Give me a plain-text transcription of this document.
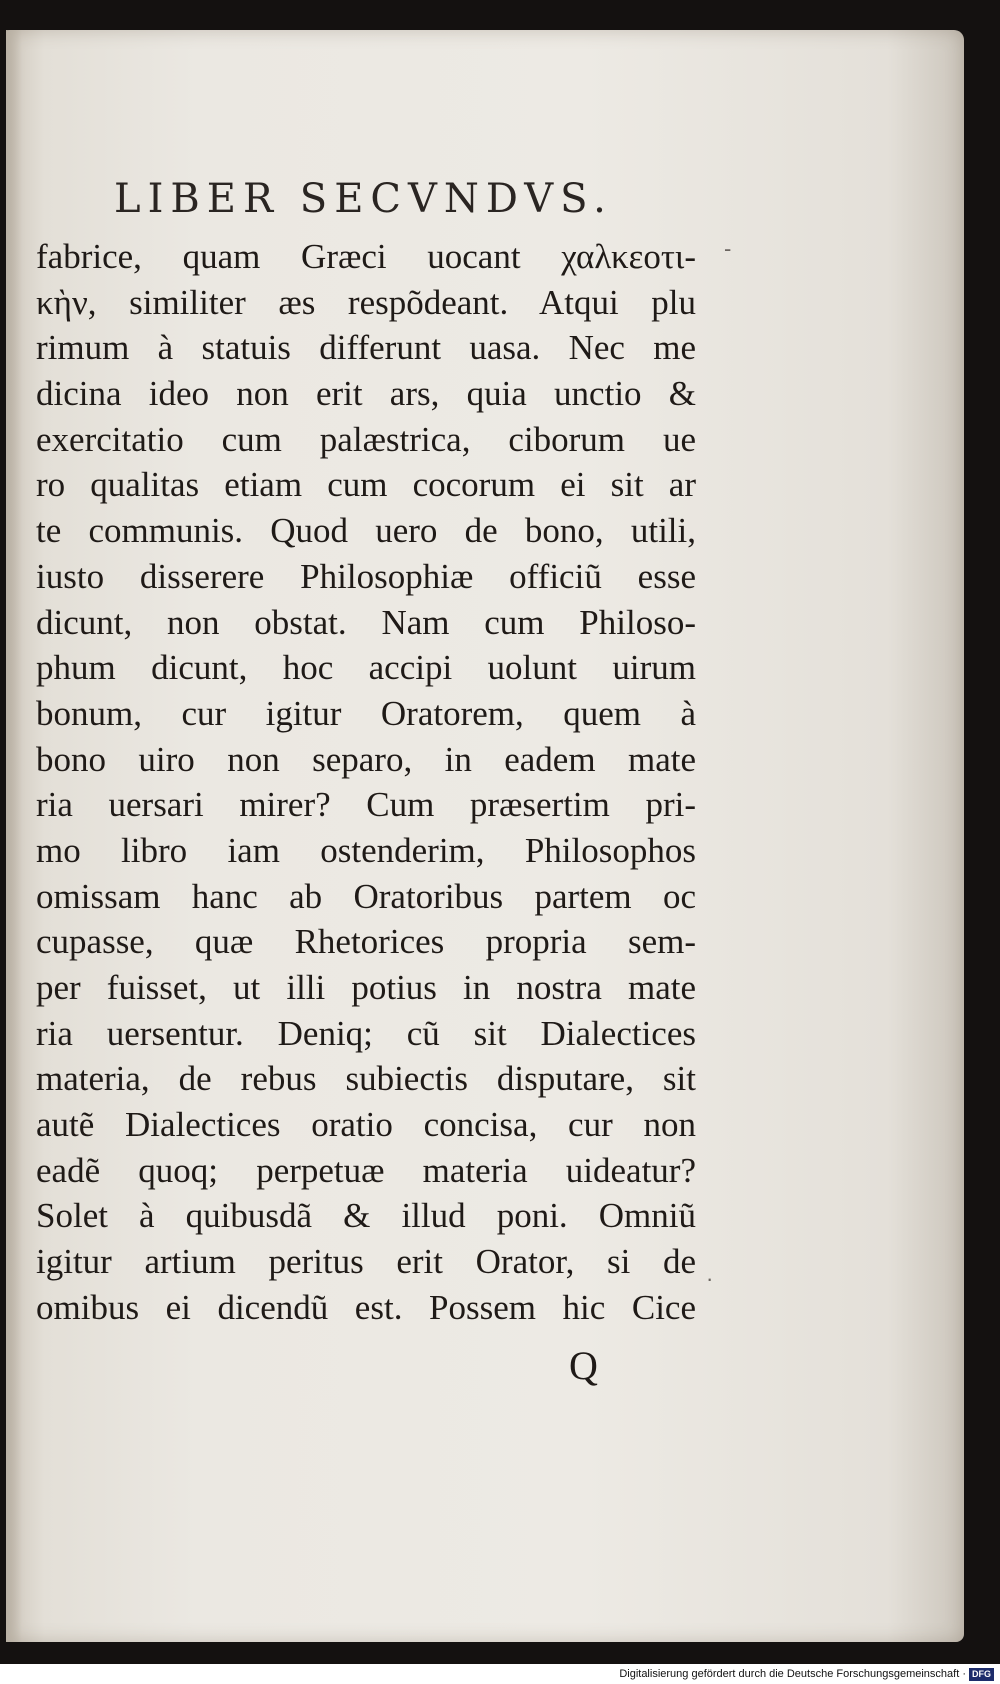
LIBER SECVNDVS.
fabrice, quam Græci uocant χαλκεοτι-
κὴν, similiter æs respõdeant. Atqui plu
rimum à statuis differunt uasa. Nec me
dicina ideo non erit ars, quia unctio &
exercitatio cum palæstrica, ciborum ue
ro qualitas etiam cum cocorum ei sit ar
te communis. Quod uero de bono, utili,
iusto disserere Philosophiæ officiũ esse
dicunt, non obstat. Nam cum Philoso-
phum dicunt, hoc accipi uolunt uirum
bonum, cur igitur Oratorem, quem à
bono uiro non separo, in eadem mate
ria uersari mirer? Cum præsertim pri-
mo libro iam ostenderim, Philosophos
omissam hanc ab Oratoribus partem oc
cupasse, quæ Rhetorices propria sem-
per fuisset, ut illi potius in nostra mate
ria uersentur. Deniq; cũ sit Dialectices
materia, de rebus subiectis disputare, sit
autẽ Dialectices oratio concisa, cur non
eadẽ quoq; perpetuæ materia uideatur?
Solet à quibusdã & illud poni. Omniũ
igitur artium peritus erit Orator, si de
omibus ei dicendũ est. Possem hic Cice
Q
-
·
Digitalisierung gefördert durch die Deutsche Forschungsgemeinschaft · DFG
